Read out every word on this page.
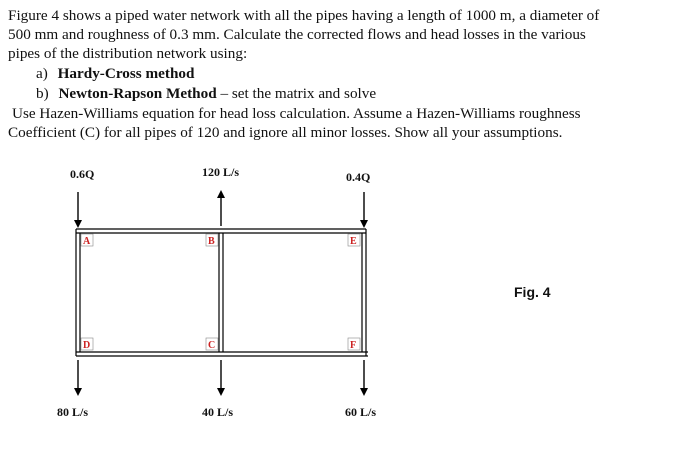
Figure 4 shows a piped water network with all the pipes having a length of 1000 m, a diameter of
500 mm and roughness of 0.3 mm. Calculate the corrected flows and head losses in the various
pipes of the distribution network using:
a) Hardy-Cross method
b) Newton-Rapson Method – set the matrix and solve
Use Hazen-Williams equation for head loss calculation. Assume a Hazen-Williams roughness
Coefficient (C) for all pipes of 120 and ignore all minor losses. Show all your assumptions.
0.6Q	120 L/s	0.4Q
80 L/s	40 L/s	60 L/s
A	B	E
D	C	F
Fig. 4
